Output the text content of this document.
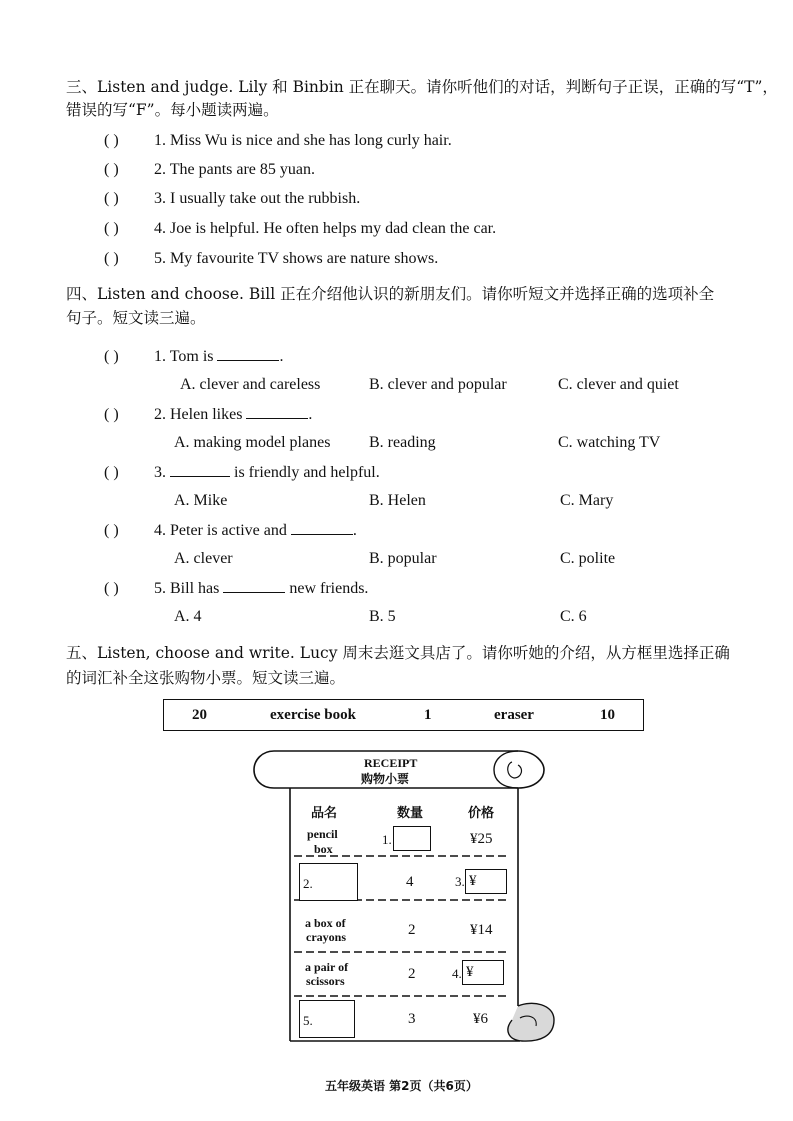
三、Listen and judge. Lily 和 Binbin 正在聊天。请你听他们的对话，判断句子正误，正确的写“T”，
错误的写“F”。每小题读两遍。
( ) 1. Miss Wu is nice and she has long curly hair.
( ) 2. The pants are 85 yuan.
( ) 3. I usually take out the rubbish.
( ) 4. Joe is helpful. He often helps my dad clean the car.
( ) 5. My favourite TV shows are nature shows.
四、Listen and choose. Bill 正在介绍他认识的新朋友们。请你听短文并选择正确的选项补全
句子。短文读三遍。
( ) 1. Tom is	.
A. clever and careless	B. clever and popular	C. clever and quiet
( ) 2. Helen likes	.
A. making model planes B. reading	C. watching TV
( ) 3.	is friendly and helpful.
A. Mike	B. Helen	C. Mary
( ) 4. Peter is active and	.
A. clever	B. popular	C. polite
( ) 5. Bill has	new friends.
A. 4	B. 5	C. 6
五、Listen, choose and write. Lucy 周末去逛文具店了。请你听她的介绍，从方框里选择正确
的词汇补全这张购物小票。短文读三遍。
20	exercise book	1	eraser	10
RECEIPT
购物小票
品名	数量	价格
pencil
box
1.	¥25
2.	4	3. ¥
a box of
crayons	2	¥14
a pair of
scissors	2	4. ¥
5.	3	¥6
五年级英语 第2页（共6页）
